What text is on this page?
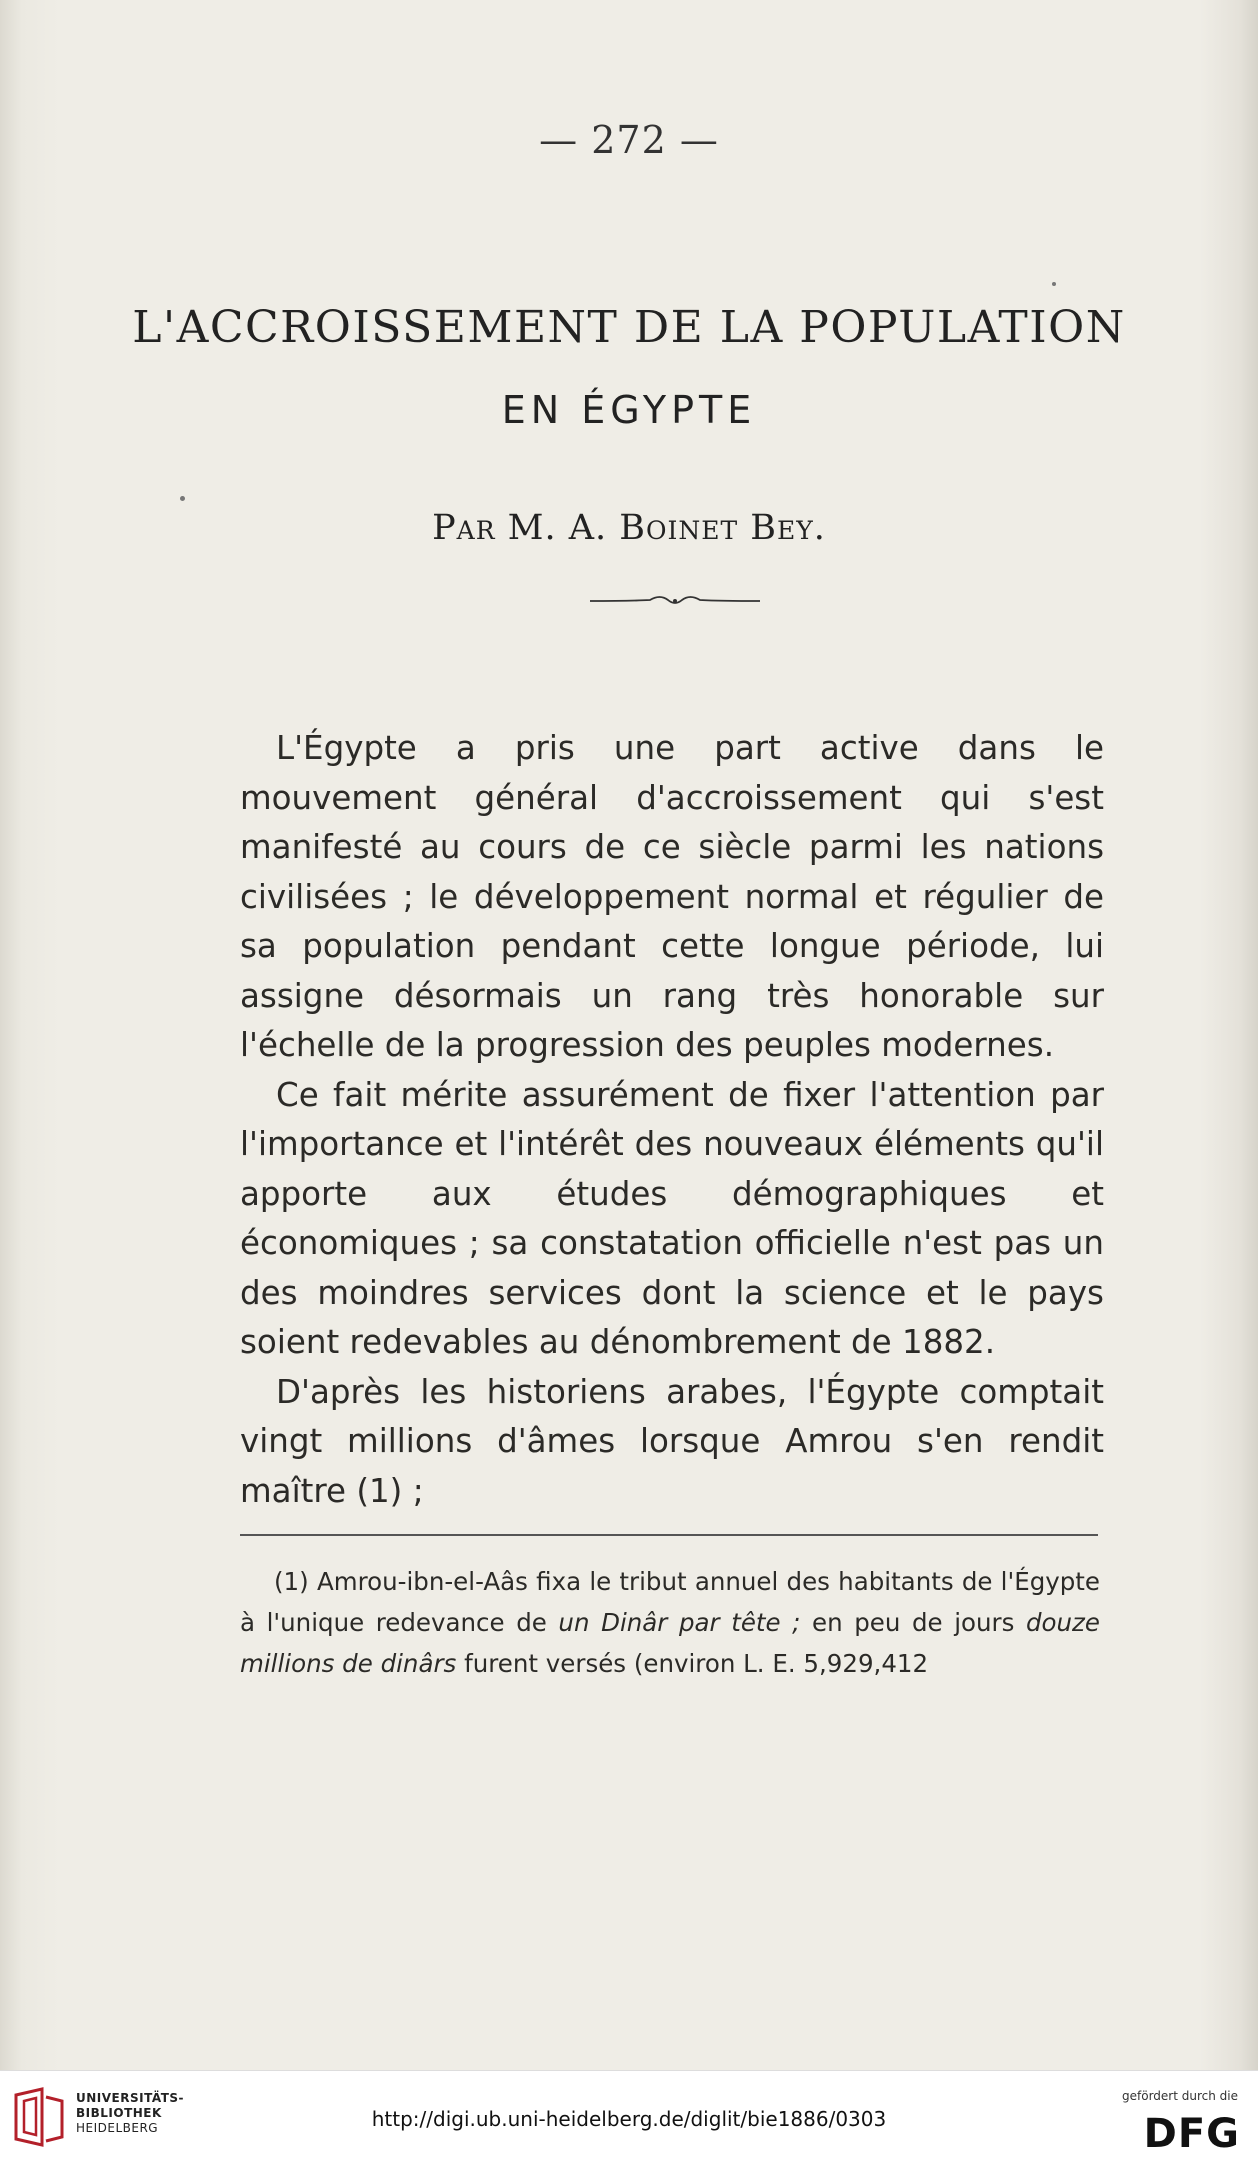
— 272 —
L'ACCROISSEMENT DE LA POPULATION
EN ÉGYPTE
Par M. A. Boinet Bey.

L'Égypte a pris une part active dans le mouvement général d'accroissement qui s'est manifesté au cours de ce siècle parmi les nations civilisées ; le développement normal et régulier de sa population pendant cette longue période, lui assigne désormais un rang très honorable sur l'échelle de la progression des peuples modernes.

Ce fait mérite assurément de fixer l'attention par l'importance et l'intérêt des nouveaux éléments qu'il apporte aux études démographiques et économiques ; sa constatation officielle n'est pas un des moindres services dont la science et le pays soient redevables au dénombrement de 1882.

D'après les historiens arabes, l'Égypte comptait vingt millions d'âmes lorsque Amrou s'en rendit maître (1) ;

(1) Amrou-ibn-el-Aâs fixa le tribut annuel des habitants de l'Égypte à l'unique redevance de un Dinâr par tête ; en peu de jours douze millions de dinârs furent versés (environ L. E. 5,929,412

UNIVERSITÄTS-
BIBLIOTHEK
HEIDELBERG	http://digi.ub.uni-heidelberg.de/diglit/bie1886/0303
gefördert durch die
DFG
